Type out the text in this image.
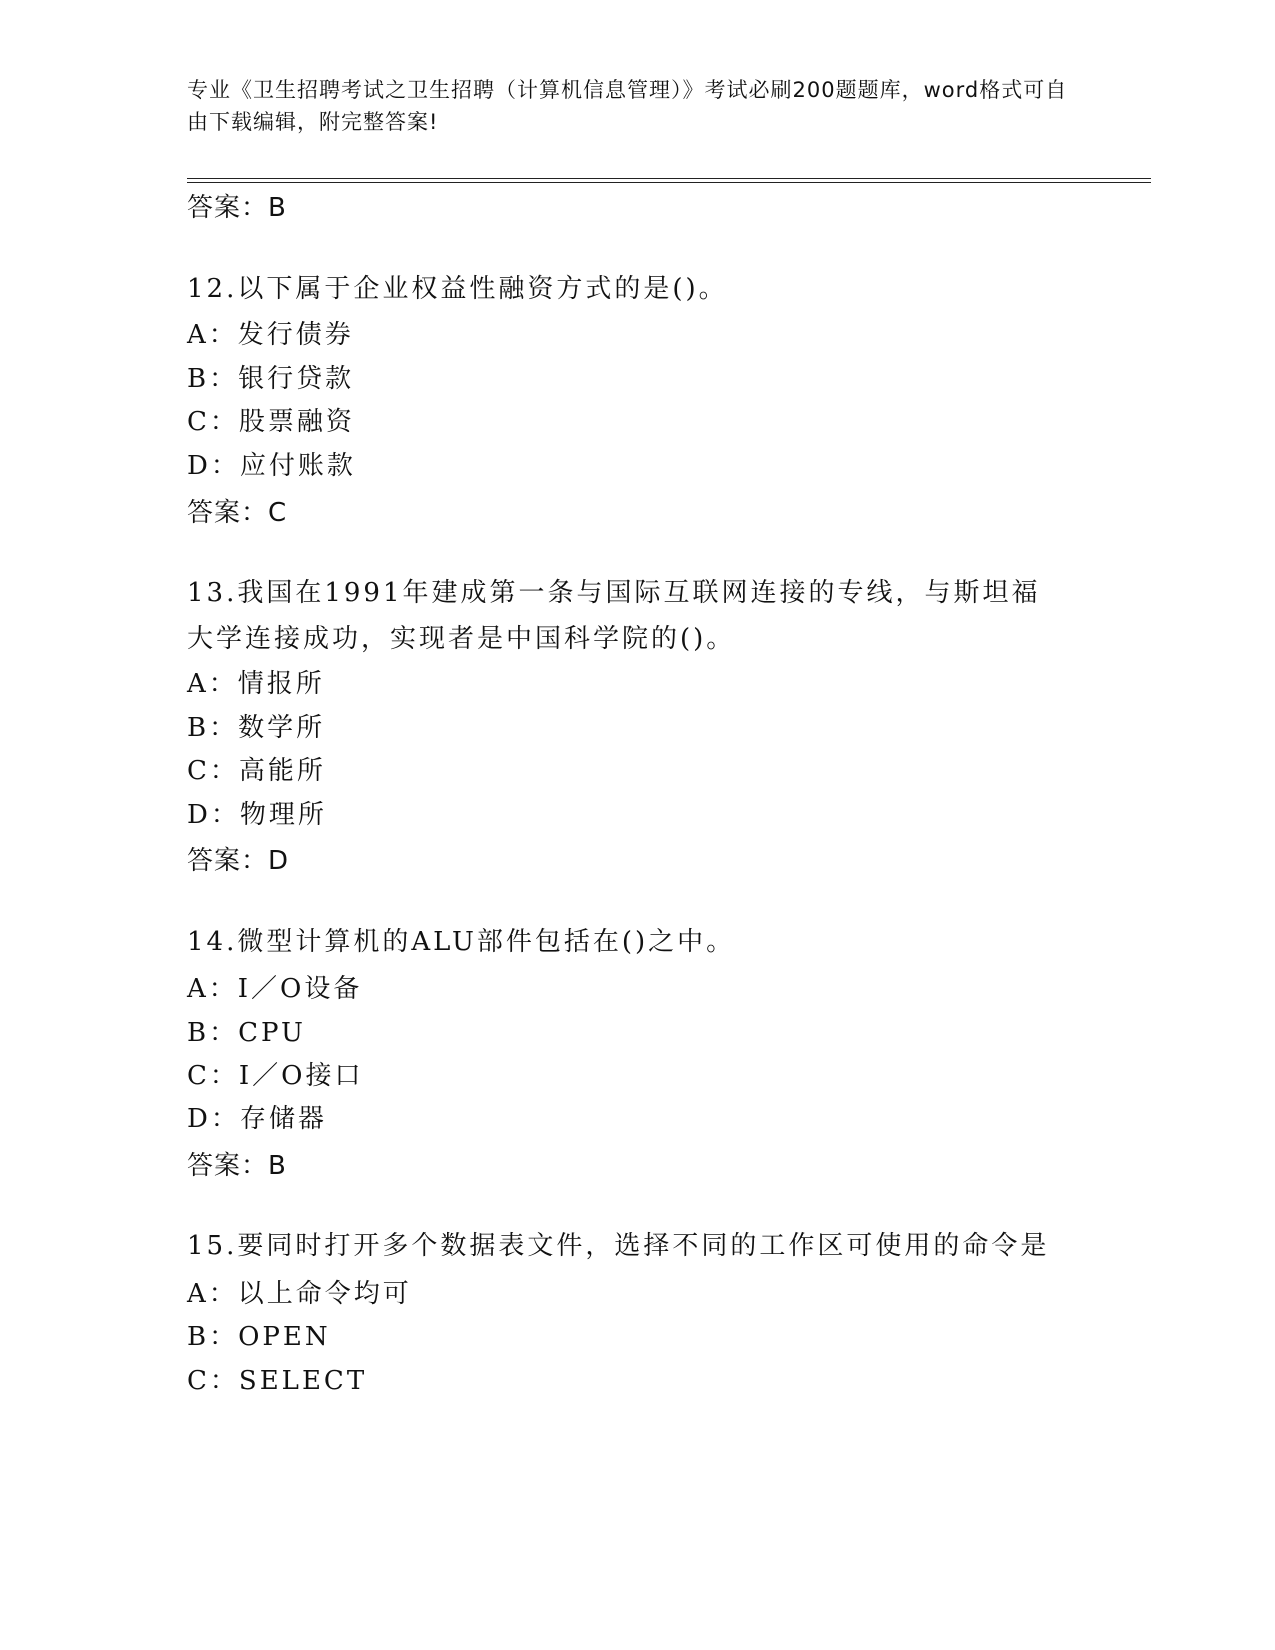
专业《卫生招聘考试之卫生招聘（计算机信息管理）》考试必刷200题题库，word格式可自由下载编辑，附完整答案!
答案：B
12.以下属于企业权益性融资方式的是()。
A：发行债券
B：银行贷款
C：股票融资
D：应付账款
答案：C
13.我国在1991年建成第一条与国际互联网连接的专线，与斯坦福大学连接成功，实现者是中国科学院的()。
A：情报所
B：数学所
C：高能所
D：物理所
答案：D
14.微型计算机的ALU部件包括在()之中。
A：I／O设备
B：CPU
C：I／O接口
D：存储器
答案：B
15.要同时打开多个数据表文件，选择不同的工作区可使用的命令是
A：以上命令均可
B：OPEN
C：SELECT
